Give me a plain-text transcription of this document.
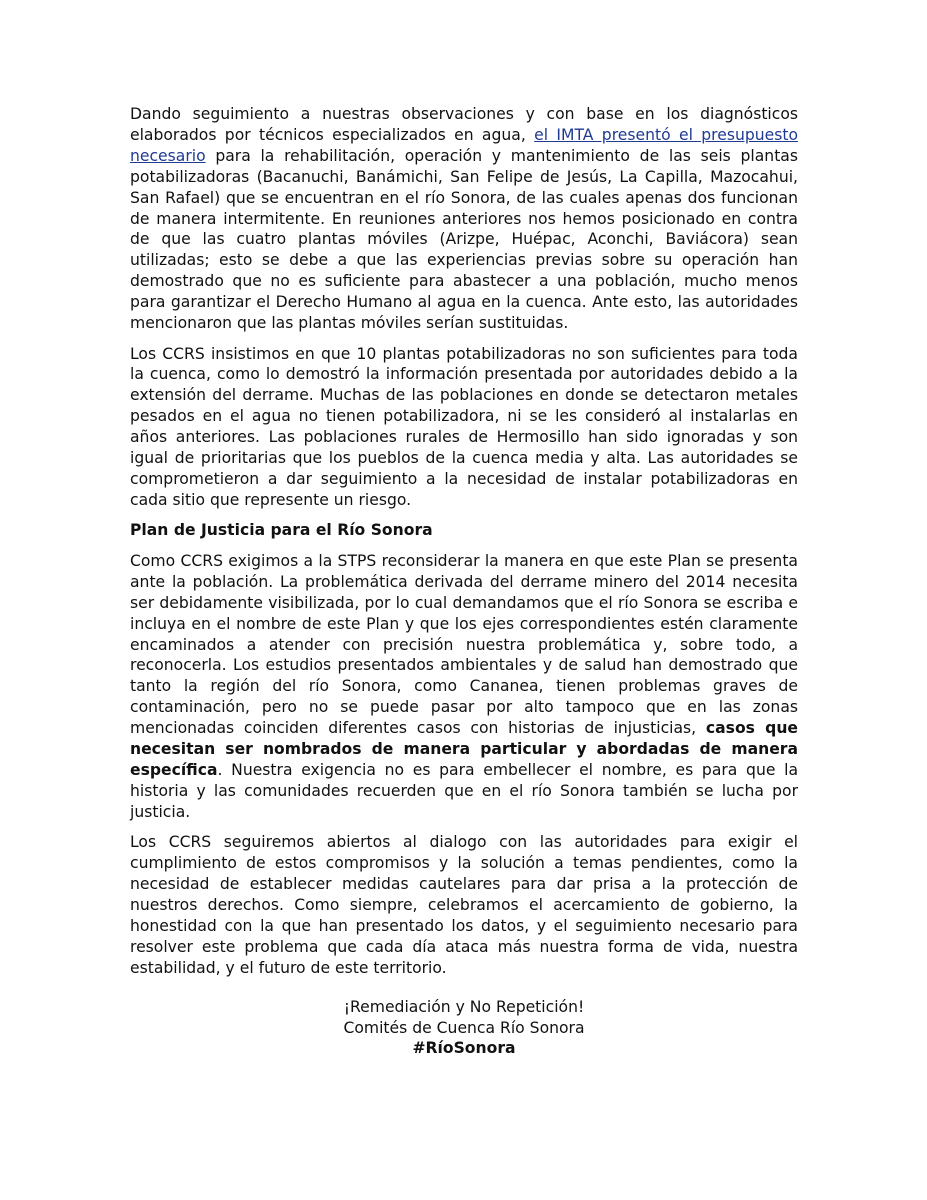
Dando seguimiento a nuestras observaciones y con base en los diagnósticos elaborados por técnicos especializados en agua, el IMTA presentó el presupuesto necesario para la rehabilitación, operación y mantenimiento de las seis plantas potabilizadoras (Bacanuchi, Banámichi, San Felipe de Jesús, La Capilla, Mazocahui, San Rafael) que se encuentran en el río Sonora, de las cuales apenas dos funcionan de manera intermitente. En reuniones anteriores nos hemos posicionado en contra de que las cuatro plantas móviles (Arizpe, Huépac, Aconchi, Baviácora) sean utilizadas; esto se debe a que las experiencias previas sobre su operación han demostrado que no es suficiente para abastecer a una población, mucho menos para garantizar el Derecho Humano al agua en la cuenca. Ante esto, las autoridades mencionaron que las plantas móviles serían sustituidas.

Los CCRS insistimos en que 10 plantas potabilizadoras no son suficientes para toda la cuenca, como lo demostró la información presentada por autoridades debido a la extensión del derrame. Muchas de las poblaciones en donde se detectaron metales pesados en el agua no tienen potabilizadora, ni se les consideró al instalarlas en años anteriores. Las poblaciones rurales de Hermosillo han sido ignoradas y son igual de prioritarias que los pueblos de la cuenca media y alta. Las autoridades se comprometieron a dar seguimiento a la necesidad de instalar potabilizadoras en cada sitio que represente un riesgo.

Plan de Justicia para el Río Sonora

Como CCRS exigimos a la STPS reconsiderar la manera en que este Plan se presenta ante la población. La problemática derivada del derrame minero del 2014 necesita ser debidamente visibilizada, por lo cual demandamos que el río Sonora se escriba e incluya en el nombre de este Plan y que los ejes correspondientes estén claramente encaminados a atender con precisión nuestra problemática y, sobre todo, a reconocerla. Los estudios presentados ambientales y de salud han demostrado que tanto la región del río Sonora, como Cananea, tienen problemas graves de contaminación, pero no se puede pasar por alto tampoco que en las zonas mencionadas coinciden diferentes casos con historias de injusticias, casos que necesitan ser nombrados de manera particular y abordadas de manera específica. Nuestra exigencia no es para embellecer el nombre, es para que la historia y las comunidades recuerden que en el río Sonora también se lucha por justicia.

Los CCRS seguiremos abiertos al dialogo con las autoridades para exigir el cumplimiento de estos compromisos y la solución a temas pendientes, como la necesidad de establecer medidas cautelares para dar prisa a la protección de nuestros derechos. Como siempre, celebramos el acercamiento de gobierno, la honestidad con la que han presentado los datos, y el seguimiento necesario para resolver este problema que cada día ataca más nuestra forma de vida, nuestra estabilidad, y el futuro de este territorio.

¡Remediación y No Repetición!
Comités de Cuenca Río Sonora
#RíoSonora
